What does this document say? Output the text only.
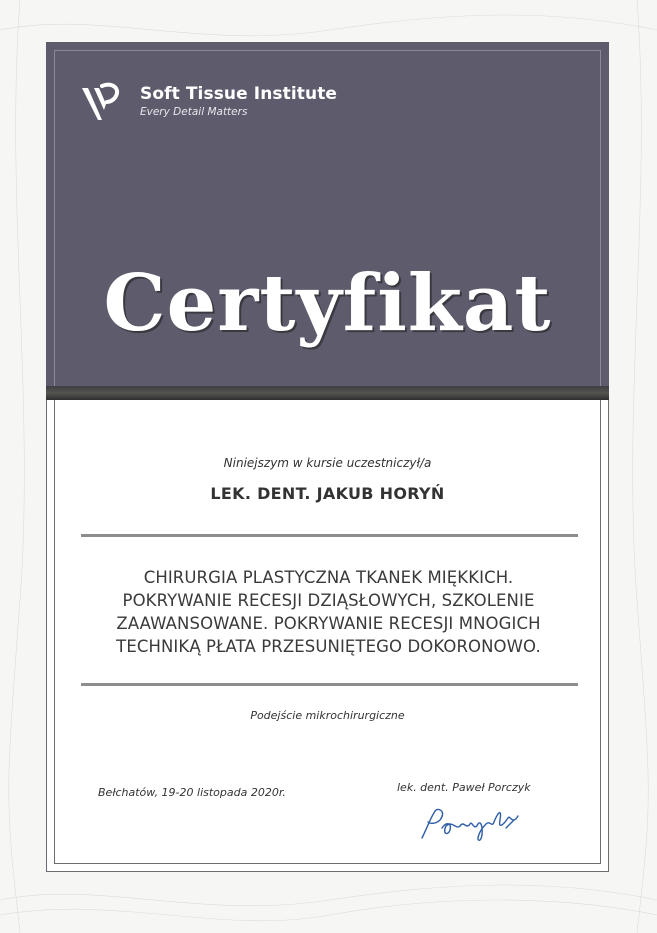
Soft Tissue Institute
Every Detail Matters
Certyfikat
Niniejszym w kursie uczestniczył/a
LEK. DENT. JAKUB HORYŃ
CHIRURGIA PLASTYCZNA TKANEK MIĘKKICH.
POKRYWANIE RECESJI DZIĄSŁOWYCH, SZKOLENIE
ZAAWANSOWANE. POKRYWANIE RECESJI MNOGICH
TECHNIKĄ PŁATA PRZESUNIĘTEGO DOKORONOWO.
Podejście mikrochirurgiczne
Bełchatów, 19-20 listopada 2020r.	lek. dent. Paweł Porczyk
